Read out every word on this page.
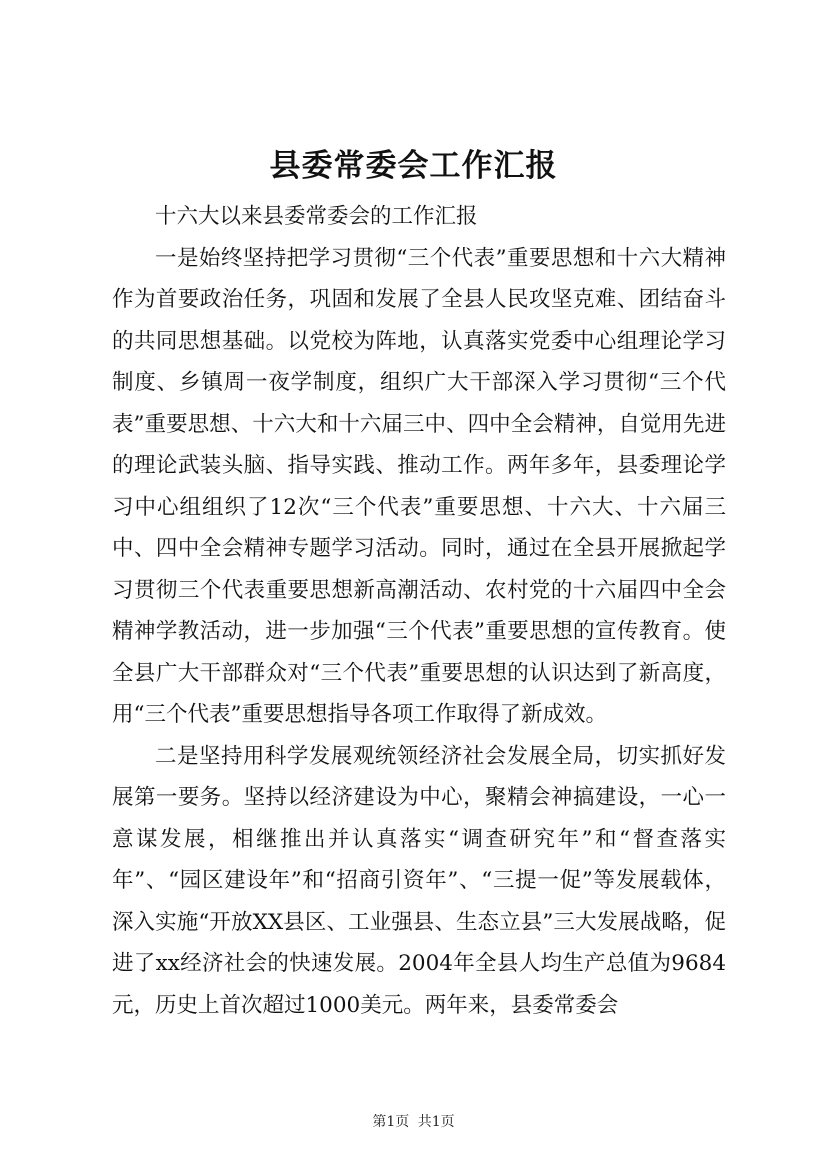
县委常委会工作汇报

十六大以来县委常委会的工作汇报

一是始终坚持把学习贯彻“三个代表”重要思想和十六大精神作为首要政治任务，巩固和发展了全县人民攻坚克难、团结奋斗的共同思想基础。以党校为阵地，认真落实党委中心组理论学习制度、乡镇周一夜学制度，组织广大干部深入学习贯彻“三个代表”重要思想、十六大和十六届三中、四中全会精神，自觉用先进的理论武装头脑、指导实践、推动工作。两年多年，县委理论学习中心组组织了12次“三个代表”重要思想、十六大、十六届三中、四中全会精神专题学习活动。同时，通过在全县开展掀起学习贯彻三个代表重要思想新高潮活动、农村党的十六届四中全会精神学教活动，进一步加强“三个代表”重要思想的宣传教育。使全县广大干部群众对“三个代表”重要思想的认识达到了新高度，用“三个代表”重要思想指导各项工作取得了新成效。

二是坚持用科学发展观统领经济社会发展全局，切实抓好发展第一要务。坚持以经济建设为中心，聚精会神搞建设，一心一意谋发展，相继推出并认真落实“调查研究年”和“督查落实年”、“园区建设年”和“招商引资年”、“三提一促”等发展载体，深入实施“开放XX县区、工业强县、生态立县”三大发展战略，促进了xx经济社会的快速发展。2004年全县人均生产总值为9684元，历史上首次超过1000美元。两年来，县委常委会

第1页 共1页
